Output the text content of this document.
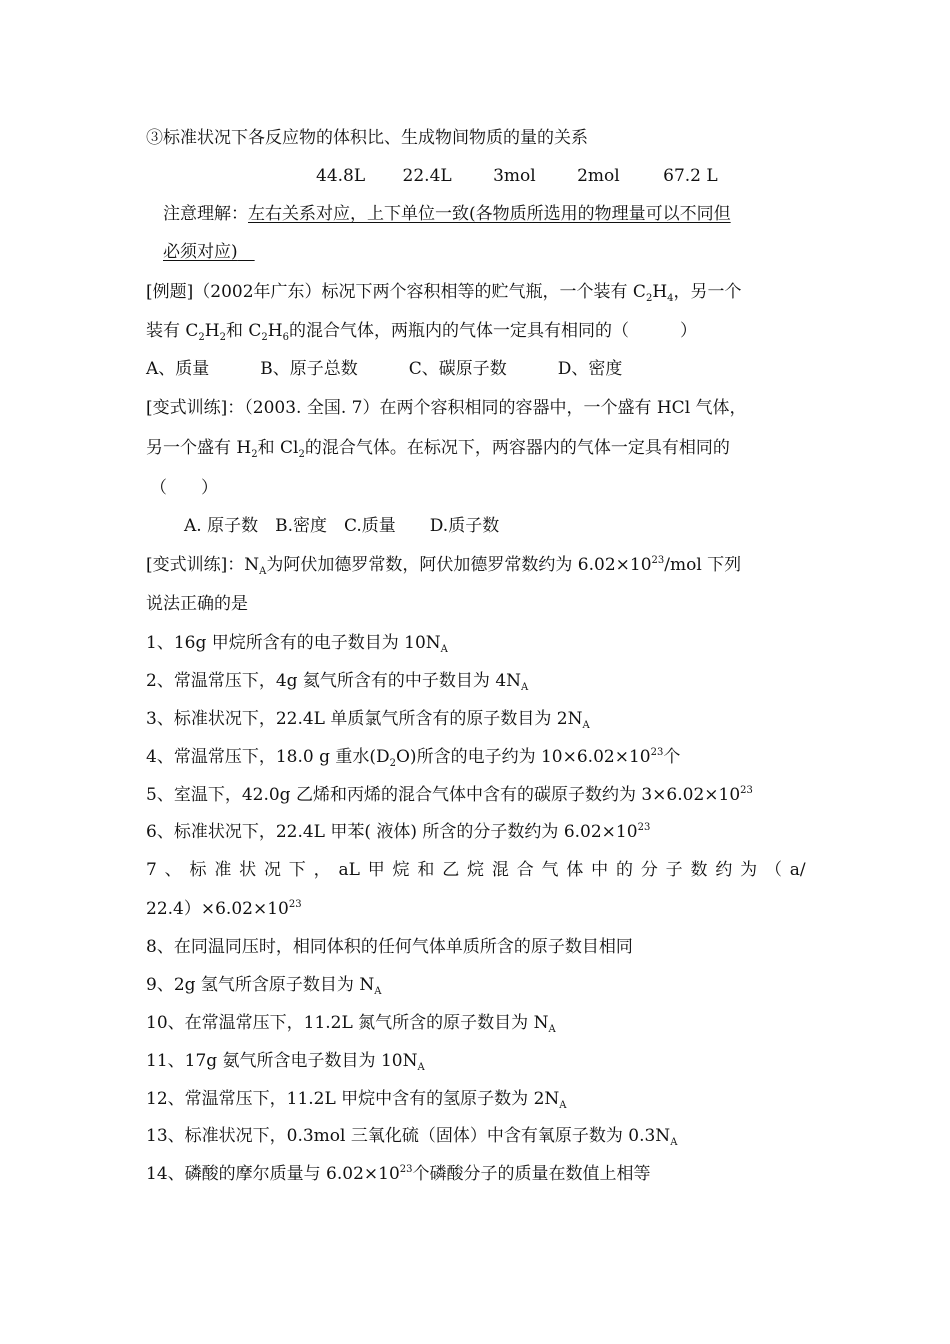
③标准状况下各反应物的体积比、生成物间物质的量的关系
44.8L 22.4L 3mol 2mol	67.2 L
注意理解：左右关系对应，上下单位一致(各物质所选用的物理量可以不同但
必须对应) 
[例题]（2002年广东）标况下两个容积相等的贮气瓶，一个装有 $C_2H_4$，另一个
装有 $C_2H_2$和 $C_2H_6$的混合气体，两瓶内的气体一定具有相同的（　　　）
A、质量　　　B、原子总数　　　C、碳原子数　　　D、密度
[变式训练]：（2003. 全国. 7）在两个容积相同的容器中，一个盛有 HCl 气体，
另一个盛有 $H_2$和 $Cl_2$的混合气体。在标况下，两容器内的气体一定具有相同的
（　　）
A. 原子数　B.密度　C.质量　　D.质子数
[变式训练]：$N_A$为阿伏加德罗常数，阿伏加德罗常数约为 $6.02\times 10^{23}$/mol 下列
说法正确的是
1、16g 甲烷所含有的电子数目为 $10N_A$
2、常温常压下，4g 氦气所含有的中子数目为 $4N_A$
3、标准状况下，22.4L 单质氯气所含有的原子数目为 $2N_A$
4、常温常压下，18.0 g 重水$(D_2O)$所含的电子约为 $10\times 6.02\times 10^{23}$个
5、室温下，42.0g 乙烯和丙烯的混合气体中含有的碳原子数约为 $3\times 6.02\times 10^{23}$
6、标准状况下，22.4L 甲苯( 液体) 所含的分子数约为 $6.02\times 10^{23}$
7 、 标 准 状 况 下 ， aL 甲 烷 和 乙 烷 混 合 气 体 中 的 分 子 数 约 为 （ a/
$22.4)\times 6.02\times 10^{23}$
8、在同温同压时，相同体积的任何气体单质所含的原子数目相同
9、2g 氢气所含原子数目为 $N_A$
10、在常温常压下，11.2L 氮气所含的原子数目为 $N_A$
11、17g 氨气所含电子数目为 $10N_A$
12、常温常压下，11.2L 甲烷中含有的氢原子数为 $2N_A$
13、标准状况下，0.3mol 三氧化硫（固体）中含有氧原子数为 $0.3N_A$
14、磷酸的摩尔质量与 $6.02\times 10^{23}$个磷酸分子的质量在数值上相等
